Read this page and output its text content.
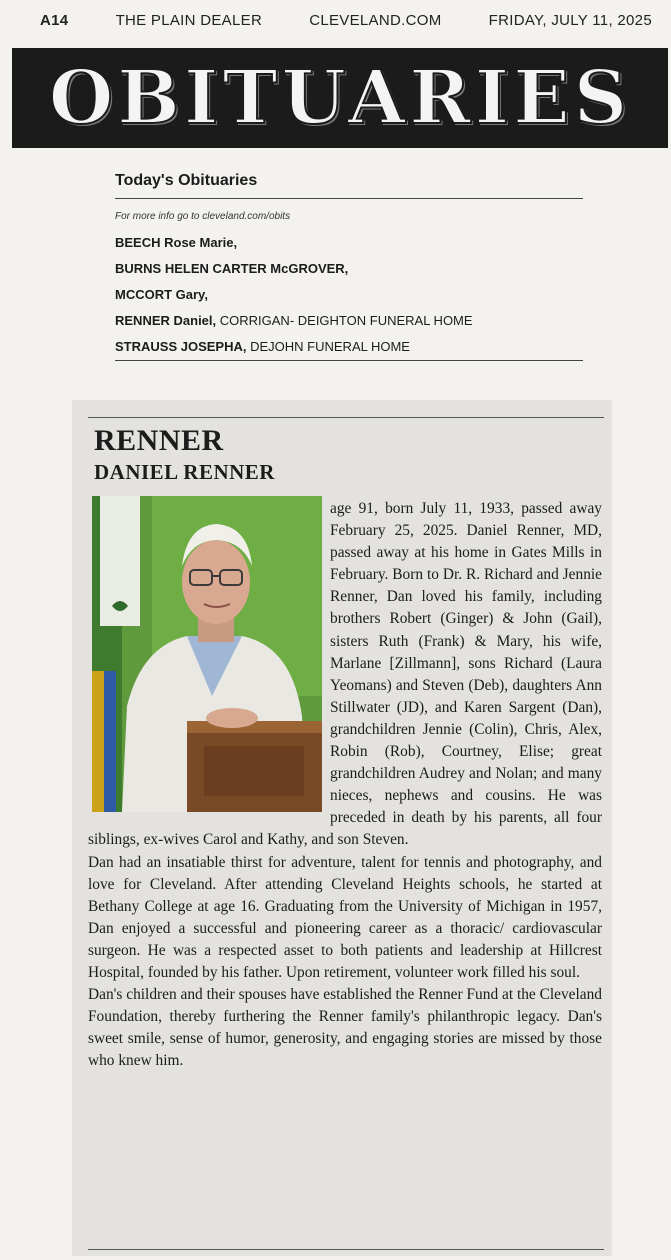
A14	THE PLAIN DEALER	CLEVELAND.COM	FRIDAY, JULY 11, 2025
OBITUARIES
Today's Obituaries
For more info go to cleveland.com/obits
BEECH Rose Marie,
BURNS HELEN CARTER McGROVER,
MCCORT Gary,
RENNER Daniel, CORRIGAN- DEIGHTON FUNERAL HOME
STRAUSS JOSEPHA, DEJOHN FUNERAL HOME
RENNER
DANIEL RENNER

age 91, born July 11, 1933, passed away February 25, 2025. Daniel Renner, MD, passed away at his home in Gates Mills in February. Born to Dr. R. Richard and Jennie Renner, Dan loved his family, including brothers Robert (Ginger) & John (Gail), sisters Ruth (Frank) & Mary, his wife, Marlane [Zillmann], sons Richard (Laura Yeomans) and Steven (Deb), daughters Ann Stillwater (JD), and Karen Sargent (Dan), grandchildren Jennie (Colin), Chris, Alex, Robin (Rob), Courtney, Elise; great grandchildren Audrey and Nolan; and many nieces, nephews and cousins. He was preceded in death by his parents, all four siblings, ex-wives Carol and Kathy, and son Steven.

Dan had an insatiable thirst for adventure, talent for tennis and photography, and love for Cleveland. After attending Cleveland Heights schools, he started at Bethany College at age 16. Graduating from the University of Michigan in 1957, Dan enjoyed a successful and pioneering career as a thoracic/ cardiovascular surgeon. He was a respected asset to both patients and leadership at Hillcrest Hospital, founded by his father. Upon retirement, volunteer work filled his soul.

Dan's children and their spouses have established the Renner Fund at the Cleveland Foundation, thereby furthering the Renner family's philanthropic legacy. Dan's sweet smile, sense of humor, generosity, and engaging stories are missed by those who knew him.
